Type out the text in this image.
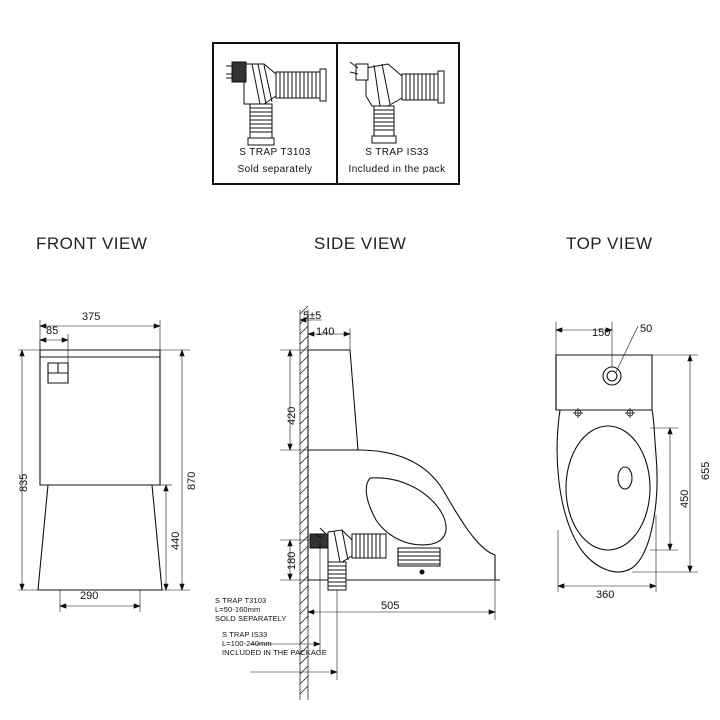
S TRAP T3103
Sold separately
S TRAP IS33
Included in the pack
FRONT VIEW	SIDE VIEW	TOP VIEW
375
85
835	870
440
290
5±5
140
420
180
505
S TRAP T3103
L=50-160mm
SOLD SEPARATELY
S TRAP IS33
L=100-240mm
INCLUDED IN THE PACKAGE
150	50
655
450
360
